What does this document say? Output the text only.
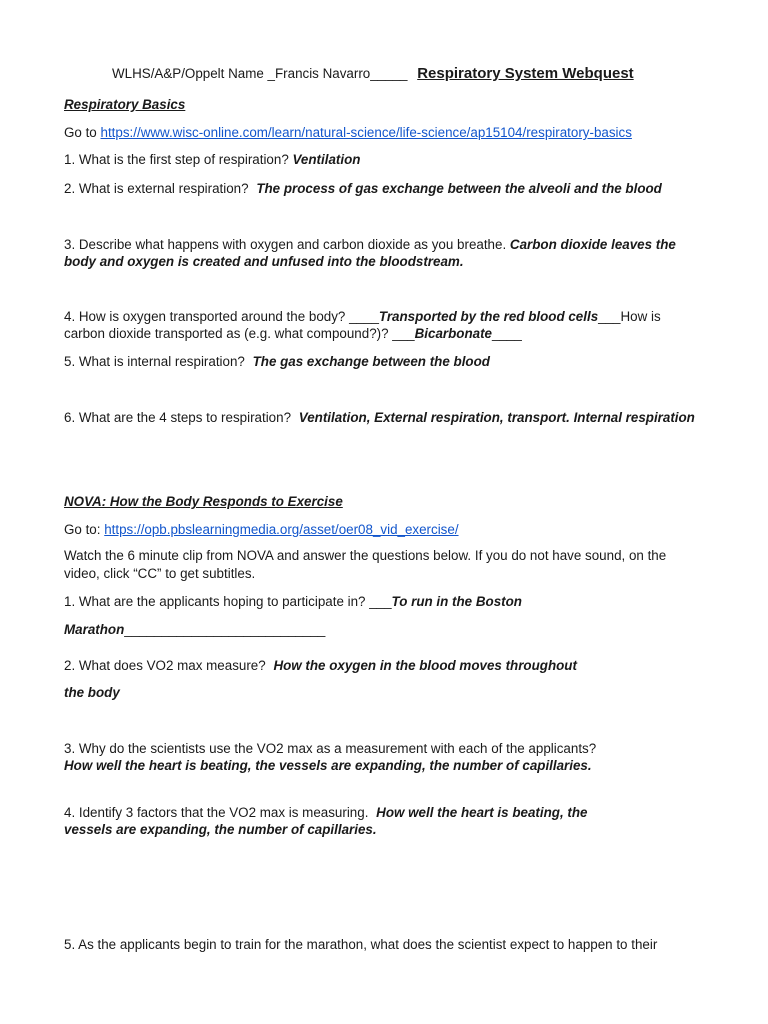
WLHS/A&P/Oppelt Name _Francis Navarro_____ Respiratory System Webquest
Respiratory Basics
Go to https://www.wisc-online.com/learn/natural-science/life-science/ap15104/respiratory-basics
1. What is the first step of respiration? Ventilation
2. What is external respiration? The process of gas exchange between the alveoli and the blood
3. Describe what happens with oxygen and carbon dioxide as you breathe. Carbon dioxide leaves the
body and oxygen is created and unfused into the bloodstream.
4. How is oxygen transported around the body? ____Transported by the red blood cells___How is
carbon dioxide transported as (e.g. what compound?)? ___Bicarbonate____
5. What is internal respiration? The gas exchange between the blood
6. What are the 4 steps to respiration? Ventilation, External respiration, transport. Internal respiration
NOVA: How the Body Responds to Exercise
Go to: https://opb.pbslearningmedia.org/asset/oer08_vid_exercise/
Watch the 6 minute clip from NOVA and answer the questions below. If you do not have sound, on the
video, click “CC” to get subtitles.
1. What are the applicants hoping to participate in? ___To run in the Boston
Marathon___________________________
2. What does VO2 max measure? How the oxygen in the blood moves throughout
the body
3. Why do the scientists use the VO2 max as a measurement with each of the applicants?
How well the heart is beating, the vessels are expanding, the number of capillaries.
4. Identify 3 factors that the VO2 max is measuring. How well the heart is beating, the
vessels are expanding, the number of capillaries.
5. As the applicants begin to train for the marathon, what does the scientist expect to happen to their
